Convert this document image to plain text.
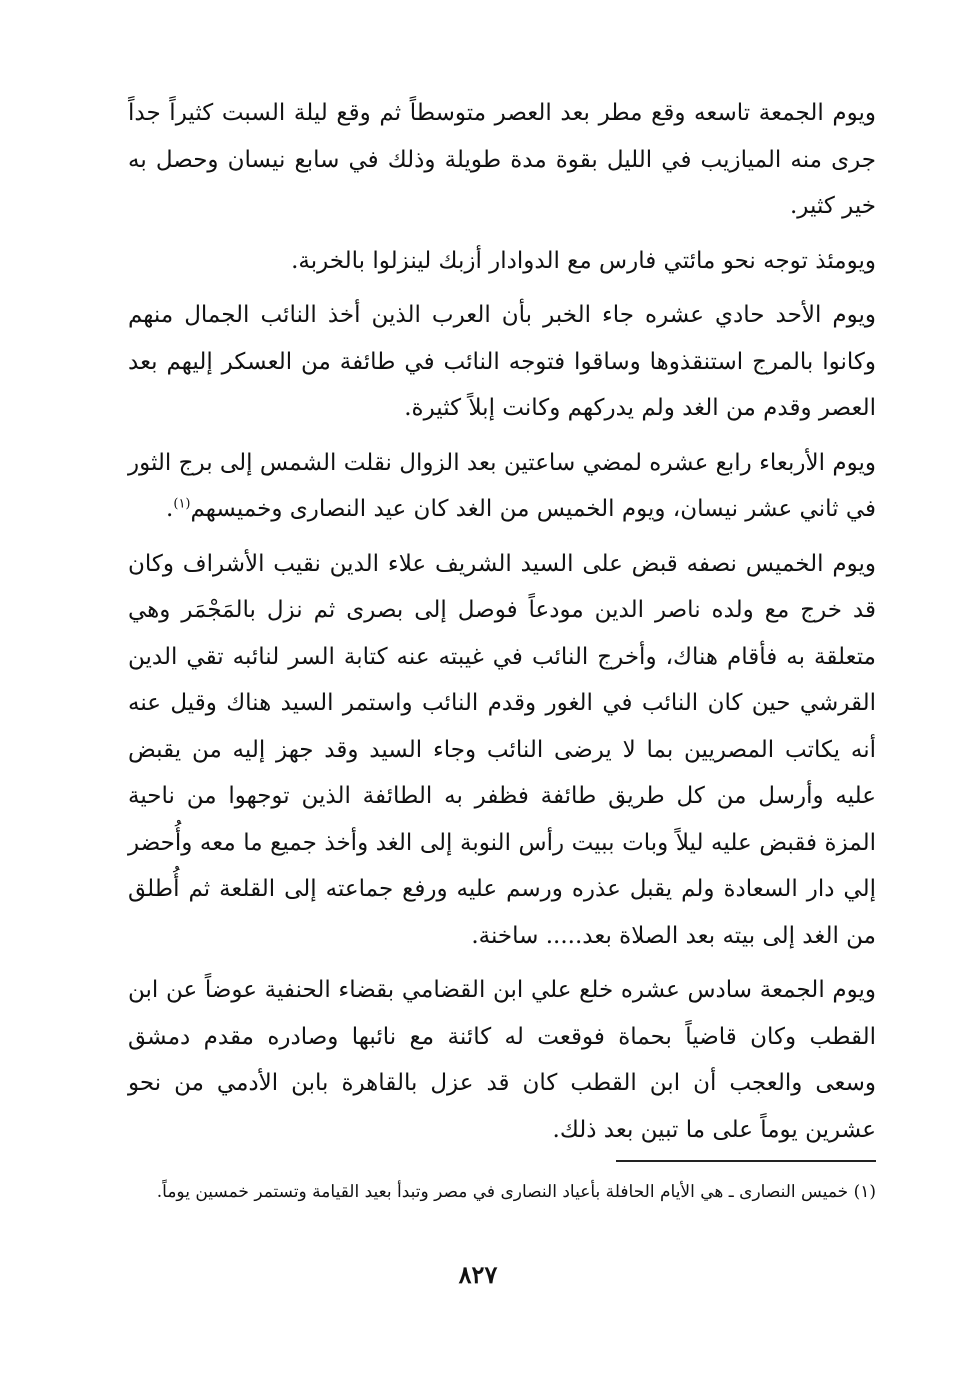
ويوم الجمعة تاسعه وقع مطر بعد العصر متوسطاً ثم وقع ليلة السبت كثيراً جداً جرى منه الميازيب في الليل بقوة مدة طويلة وذلك في سابع نيسان وحصل به خير كثير.

ويومئذ توجه نحو مائتي فارس مع الدوادار أزبك لينزلوا بالخربة.

ويوم الأحد حادي عشره جاء الخبر بأن العرب الذين أخذ النائب الجمال منهم وكانوا بالمرج استنقذوها وساقوا فتوجه النائب في طائفة من العسكر إليهم بعد العصر وقدم من الغد ولم يدركهم وكانت إبلاً كثيرة.

ويوم الأربعاء رابع عشره لمضي ساعتين بعد الزوال نقلت الشمس إلى برج الثور في ثاني عشر نيسان، ويوم الخميس من الغد كان عيد النصارى وخميسهم$^{(١)}$.

ويوم الخميس نصفه قبض على السيد الشريف علاء الدين نقيب الأشراف وكان قد خرج مع ولده ناصر الدين مودعاً فوصل إلى بصرى ثم نزل بالمَجْمَر وهي متعلقة به فأقام هناك، وأخرج النائب في غيبته عنه كتابة السر لنائبه تقي الدين القرشي حين كان النائب في الغور وقدم النائب واستمر السيد هناك وقيل عنه أنه يكاتب المصريين بما لا يرضى النائب وجاء السيد وقد جهز إليه من يقبض عليه وأرسل من كل طريق طائفة فظفر به الطائفة الذين توجهوا من ناحية المزة فقبض عليه ليلاً وبات ببيت رأس النوبة إلى الغد وأخذ جميع ما معه وأُحضر إلي دار السعادة ولم يقبل عذره ورسم عليه ورفع جماعته إلى القلعة ثم أُطلق من الغد إلى بيته بعد الصلاة بعد..... ساخنة.

ويوم الجمعة سادس عشره خلع علي ابن القضامي بقضاء الحنفية عوضاً عن ابن القطب وكان قاضياً بحماة فوقعت له كائنة مع نائبها وصادره مقدم دمشق وسعى والعجب أن ابن القطب كان قد عزل بالقاهرة بابن الأدمي من نحو عشرين يوماً على ما تبين بعد ذلك.

(١) خميس النصارى ـ هي الأيام الحافلة بأعياد النصارى في مصر وتبدأ بعيد القيامة وتستمر خمسين يوماً.
٨٢٧
